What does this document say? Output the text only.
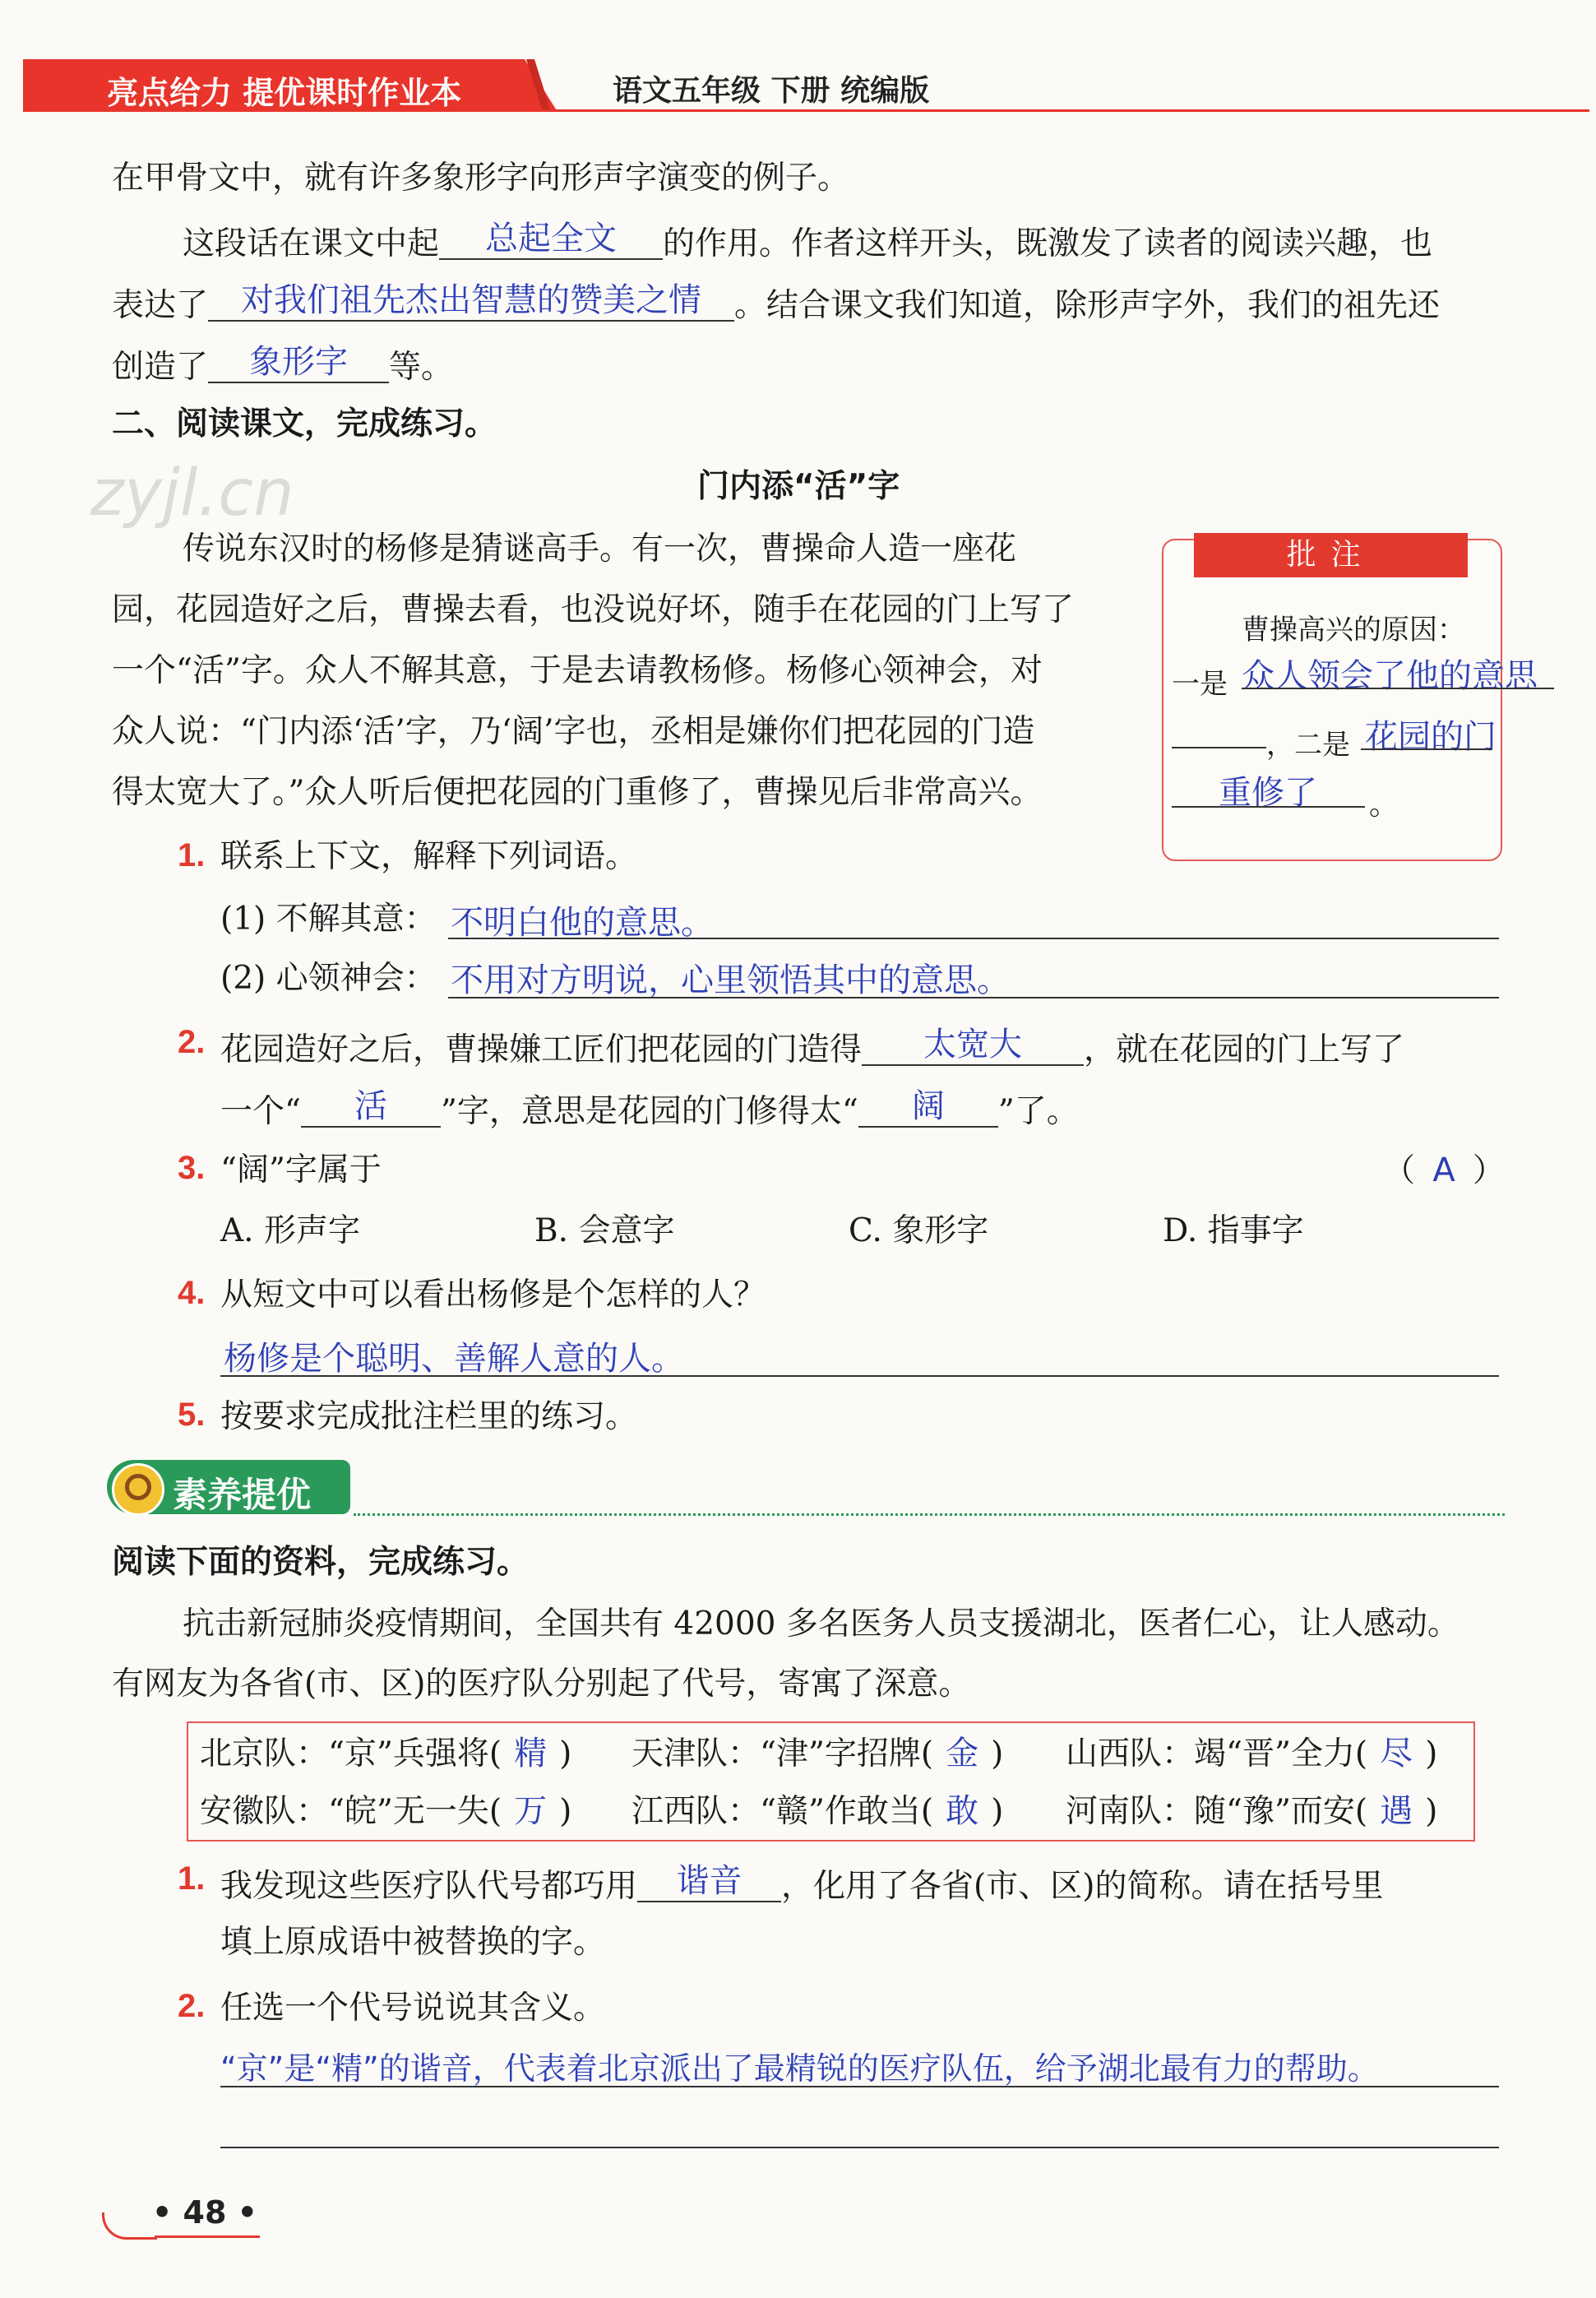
亮点给力 提优课时作业本	语文五年级 下册 统编版
在甲骨文中，就有许多象形字向形声字演变的例子。
这段话在课文中起 总起全文 的作用。作者这样开头，既激发了读者的阅读兴趣，也
表达了 对我们祖先杰出智慧的赞美之情 。结合课文我们知道，除形声字外，我们的祖先还
创造了 象形字 等。
二、阅读课文，完成练习。
zyjl.cn	门内添“活”字
传说东汉时的杨修是猜谜高手。有一次，曹操命人造一座花
园，花园造好之后，曹操去看，也没说好坏，随手在花园的门上写了
一个“活”字。众人不解其意，于是去请教杨修。杨修心领神会，对
众人说：“门内添‘活’字，乃‘阔’字也，丞相是嫌你们把花园的门造
得太宽大了。”众人听后便把花园的门重修了，曹操见后非常高兴。
批注
曹操高兴的原因：
一是 众人领会了他的意思
，二是 花园的门
重修了 。
1. 联系上下文，解释下列词语。
(1) 不解其意： 不明白他的意思。
(2) 心领神会： 不用对方明说，心里领悟其中的意思。
2. 花园造好之后，曹操嫌工匠们把花园的门造得 太宽大 ，就在花园的门上写了
一个“ 活 ”字，意思是花园的门修得太“ 阔 ”了。
3. “阔”字属于	（ A ）
A. 形声字	B. 会意字	C. 象形字	D. 指事字
4. 从短文中可以看出杨修是个怎样的人？
杨修是个聪明、善解人意的人。
5. 按要求完成批注栏里的练习。
素养提优
阅读下面的资料，完成练习。
抗击新冠肺炎疫情期间，全国共有 42000 多名医务人员支援湖北，医者仁心，让人感动。
有网友为各省(市、区)的医疗队分别起了代号，寄寓了深意。
北京队：“京”兵强将( 精 ) 天津队：“津”字招牌( 金 ) 山西队：竭“晋”全力( 尽 )
安徽队：“皖”无一失( 万 ) 江西队：“赣”作敢当( 敢 ) 河南队：随“豫”而安( 遇 )
1. 我发现这些医疗队代号都巧用 谐音 ，化用了各省(市、区)的简称。请在括号里
填上原成语中被替换的字。
2. 任选一个代号说说其含义。
“京”是“精”的谐音，代表着北京派出了最精锐的医疗队伍，给予湖北最有力的帮助。
• 48 •
